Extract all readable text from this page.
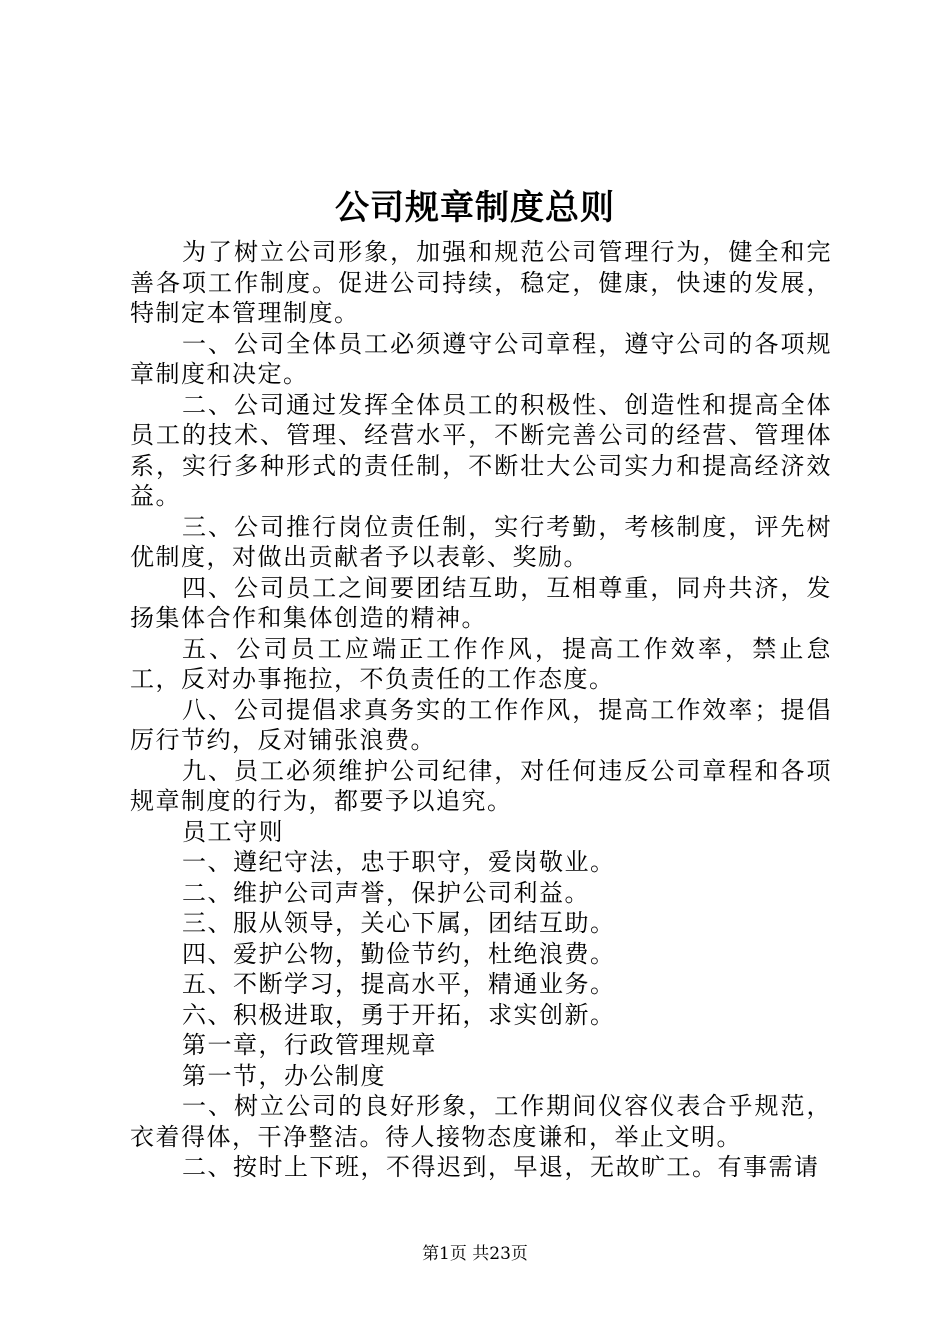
公司规章制度总则

为了树立公司形象，加强和规范公司管理行为，健全和完善各项工作制度。促进公司持续，稳定，健康，快速的发展，特制定本管理制度。

一、公司全体员工必须遵守公司章程，遵守公司的各项规章制度和决定。

二、公司通过发挥全体员工的积极性、创造性和提高全体员工的技术、管理、经营水平，不断完善公司的经营、管理体系，实行多种形式的责任制，不断壮大公司实力和提高经济效益。

三、公司推行岗位责任制，实行考勤，考核制度，评先树优制度，对做出贡献者予以表彰、奖励。

四、公司员工之间要团结互助，互相尊重，同舟共济，发扬集体合作和集体创造的精神。

五、公司员工应端正工作作风，提高工作效率，禁止怠工，反对办事拖拉，不负责任的工作态度。

八、公司提倡求真务实的工作作风，提高工作效率；提倡厉行节约，反对铺张浪费。

九、员工必须维护公司纪律，对任何违反公司章程和各项规章制度的行为，都要予以追究。

员工守则

一、遵纪守法，忠于职守，爱岗敬业。

二、维护公司声誉，保护公司利益。

三、服从领导，关心下属，团结互助。

四、爱护公物，勤俭节约，杜绝浪费。

五、不断学习，提高水平，精通业务。

六、积极进取，勇于开拓，求实创新。

第一章，行政管理规章

第一节，办公制度

一、树立公司的良好形象，工作期间仪容仪表合乎规范，衣着得体，干净整洁。待人接物态度谦和，举止文明。

二、按时上下班，不得迟到，早退，无故旷工。有事需请

第1页 共23页
